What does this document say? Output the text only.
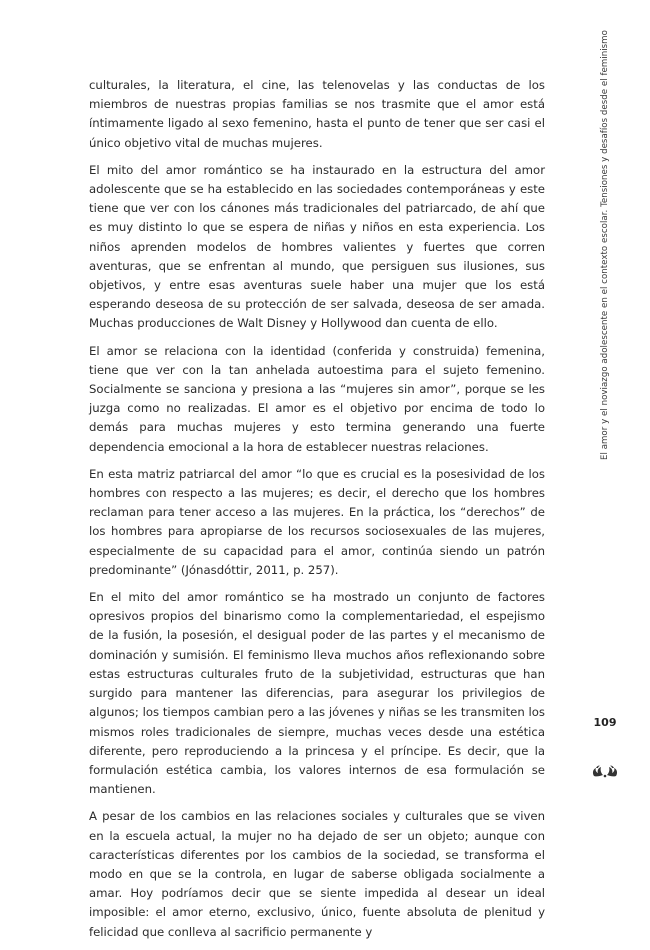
culturales, la literatura, el cine, las telenovelas y las conductas de los miembros de nuestras propias familias se nos trasmite que el amor está íntimamente ligado al sexo femenino, hasta el punto de tener que ser casi el único objetivo vital de muchas mujeres.

El mito del amor romántico se ha instaurado en la estructura del amor adolescente que se ha establecido en las sociedades contemporáneas y este tiene que ver con los cánones más tradicionales del patriarcado, de ahí que es muy distinto lo que se espera de niñas y niños en esta experiencia. Los niños aprenden modelos de hombres valientes y fuertes que corren aventuras, que se enfrentan al mundo, que persiguen sus ilusiones, sus objetivos, y entre esas aventuras suele haber una mujer que los está esperando deseosa de su protección de ser salvada, deseosa de ser amada. Muchas producciones de Walt Disney y Hollywood dan cuenta de ello.

El amor se relaciona con la identidad (conferida y construida) femenina, tiene que ver con la tan anhelada autoestima para el sujeto femenino. Socialmente se sanciona y presiona a las “mujeres sin amor”, porque se les juzga como no realizadas. El amor es el objetivo por encima de todo lo demás para muchas mujeres y esto termina generando una fuerte dependencia emocional a la hora de establecer nuestras relaciones.

En esta matriz patriarcal del amor “lo que es crucial es la posesividad de los hombres con respecto a las mujeres; es decir, el derecho que los hombres reclaman para tener acceso a las mujeres. En la práctica, los “derechos” de los hombres para apropiarse de los recursos sociosexuales de las mujeres, especialmente de su capacidad para el amor, continúa siendo un patrón predominante” (Jónasdóttir, 2011, p. 257).

En el mito del amor romántico se ha mostrado un conjunto de factores opresivos propios del binarismo como la complementariedad, el espejismo de la fusión, la posesión, el desigual poder de las partes y el mecanismo de dominación y sumisión. El feminismo lleva muchos años reflexionando sobre estas estructuras culturales fruto de la subjetividad, estructuras que han surgido para mantener las diferencias, para asegurar los privilegios de algunos; los tiempos cambian pero a las jóvenes y niñas se les transmiten los mismos roles tradicionales de siempre, muchas veces desde una estética diferente, pero reproduciendo a la princesa y el príncipe. Es decir, que la formulación estética cambia, los valores internos de esa formulación se mantienen.

A pesar de los cambios en las relaciones sociales y culturales que se viven en la escuela actual, la mujer no ha dejado de ser un objeto; aunque con características diferentes por los cambios de la sociedad, se transforma el modo en que se la controla, en lugar de saberse obligada socialmente a amar. Hoy podríamos decir que se siente impedida al desear un ideal imposible: el amor eterno, exclusivo, único, fuente absoluta de plenitud y felicidad que conlleva al sacrificio permanente y

El amor y el noviazgo adolescente en el contexto escolar. Tensiones y desafíos desde el feminismo
109
